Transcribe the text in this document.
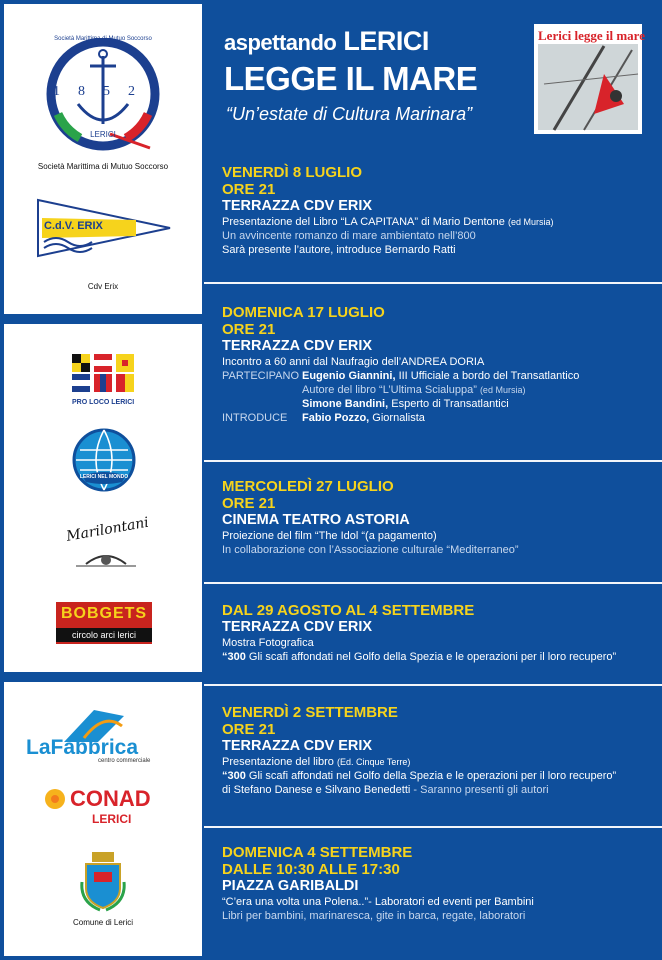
1852
LERICI
Società Marittima di Mutuo Soccorso
Società Marittima di Mutuo Soccorso
C.d.V. ERIX
Cdv Erix
PRO LOCO LERICI
LERICI NEL MONDO
Marilontani
BOBGETS
circolo arci lerici
LaFabbrica
centro commerciale
CONAD
LERICI
Comune di Lerici
aspettando LERICI
LEGGE IL MARE
“Un’estate di Cultura Marinara”
Lerici legge il mare
VENERDÌ 8 LUGLIO
ORE 21
TERRAZZA CDV ERIX
Presentazione del Libro “LA CAPITANA” di Mario Dentone (ed Mursia)
Un avvincente romanzo di mare ambientato nell’800
Sarà presente l’autore, introduce Bernardo Ratti
DOMENICA 17 LUGLIO
ORE 21
TERRAZZA CDV ERIX
Incontro a 60 anni dal Naufragio dell’ANDREA DORIA
PARTECIPANO Eugenio Giannini, III Ufficiale a bordo del Transatlantico
Autore del libro “L’Ultima Scialuppa” (ed Mursia)
Simone Bandini, Esperto di Transatlantici
INTRODUCE	Fabio Pozzo, Giornalista
MERCOLEDÌ 27 LUGLIO
ORE 21
CINEMA TEATRO ASTORIA
Proiezione del film “The Idol “(a pagamento)
In collaborazione con l’Associazione culturale “Mediterraneo”
DAL 29 AGOSTO AL 4 SETTEMBRE
TERRAZZA CDV ERIX
Mostra Fotografica
“300 Gli scafi affondati nel Golfo della Spezia e le operazioni per il loro recupero”
VENERDÌ 2 SETTEMBRE
ORE 21
TERRAZZA CDV ERIX
Presentazione del libro (Ed. Cinque Terre)
“300 Gli scafi affondati nel Golfo della Spezia e le operazioni per il loro recupero”
di Stefano Danese e Silvano Benedetti - Saranno presenti gli autori
DOMENICA 4 SETTEMBRE
DALLE 10:30 ALLE 17:30
PIAZZA GARIBALDI
“C’era una volta una Polena..”- Laboratori ed eventi per Bambini
Libri per bambini, marinaresca, gite in barca, regate, laboratori
